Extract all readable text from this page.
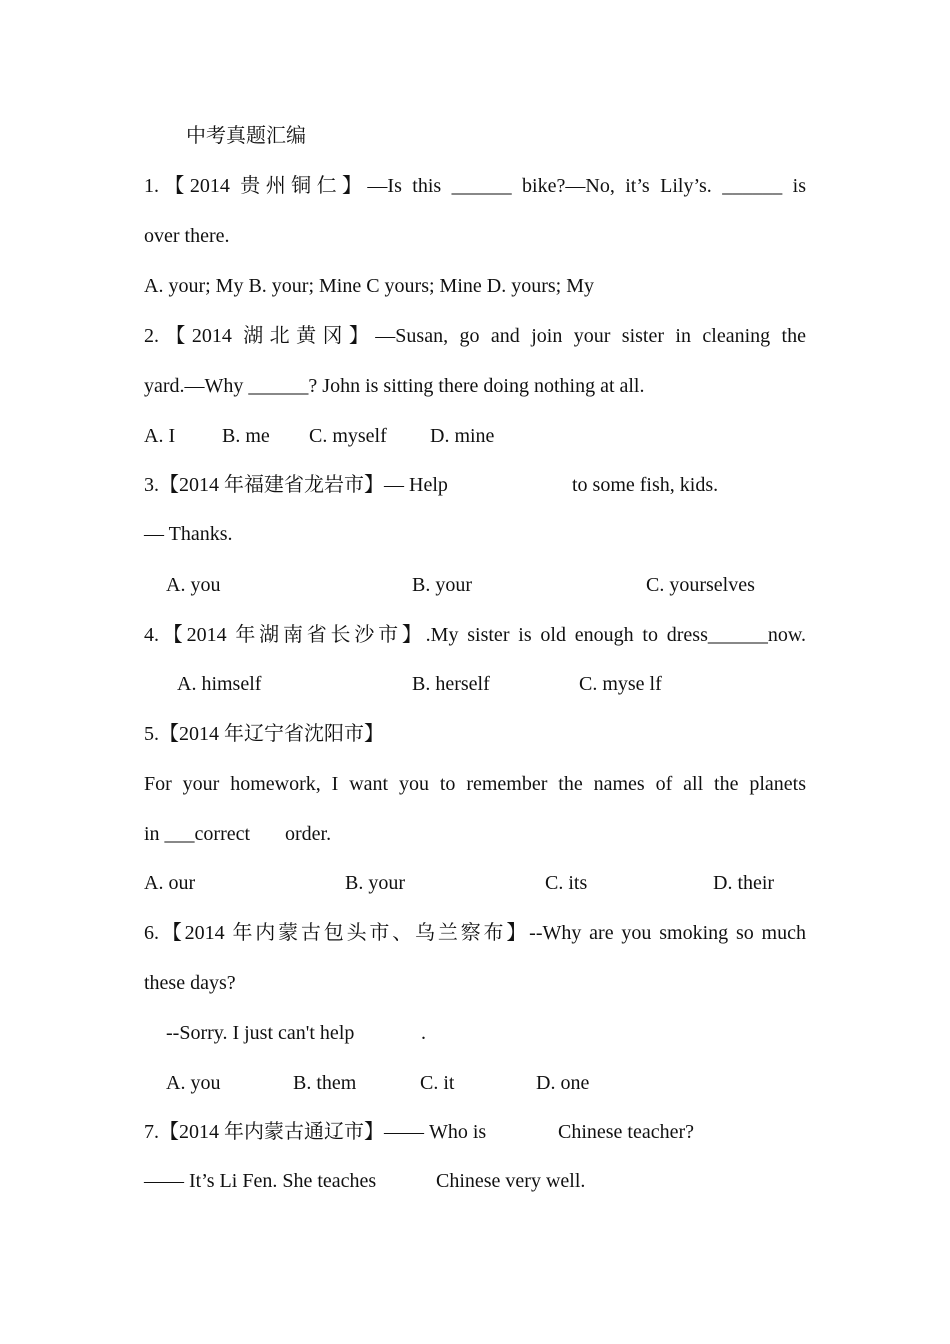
中考真题汇编
1.【2014 贵州铜仁】—Is this ______ bike?—No, it’s Lily’s. ______ is
over there.
A. your; My B. your; Mine C yours; Mine D. yours; My
2.【2014 湖北黄冈】—Susan, go and join your sister in cleaning the
yard.—Why ______? John is sitting there doing nothing at all.
A. I B. me C. myself D. mine
3.【2014 年福建省龙岩市】— Help	to some fish, kids.
— Thanks.
A. you	B. your	C. yourselves
4.【2014 年湖南省长沙市】.My sister is old enough to dress______now.
A. himself	B. herself	C. myse lf
5.【2014 年辽宁省沈阳市】
For your homework, I want you to remember the names of all the planets
in ___correct order.
A. our	B. your	C. its	D. their
6.【2014 年内蒙古包头市、乌兰察布】--Why are you smoking so much
these days?
--Sorry. I just can't help	.
A. you	B. them	C. it	D. one
7.【2014 年内蒙古通辽市】—— Who is	Chinese teacher?
—— It’s Li Fen. She teaches	Chinese very well.
